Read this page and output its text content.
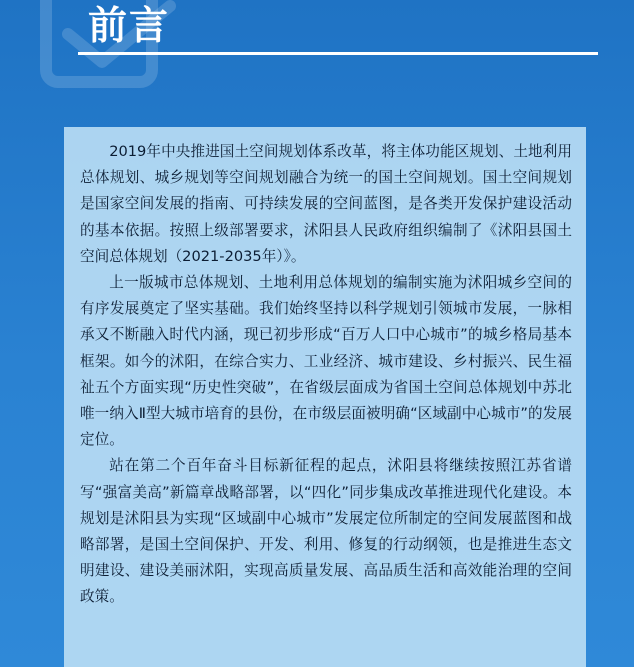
前言

2019年中央推进国土空间规划体系改革，将主体功能区规划、土地利用总体规划、城乡规划等空间规划融合为统一的国土空间规划。国土空间规划是国家空间发展的指南、可持续发展的空间蓝图，是各类开发保护建设活动的基本依据。按照上级部署要求，沭阳县人民政府组织编制了《沭阳县国土空间总体规划（2021-2035年）》。

上一版城市总体规划、土地利用总体规划的编制实施为沭阳城乡空间的有序发展奠定了坚实基础。我们始终坚持以科学规划引领城市发展，一脉相承又不断融入时代内涵，现已初步形成“百万人口中心城市”的城乡格局基本框架。如今的沭阳，在综合实力、工业经济、城市建设、乡村振兴、民生福祉五个方面实现“历史性突破”，在省级层面成为省国土空间总体规划中苏北唯一纳入Ⅱ型大城市培育的县份，在市级层面被明确“区域副中心城市”的发展定位。

站在第二个百年奋斗目标新征程的起点，沭阳县将继续按照江苏省谱写“强富美高”新篇章战略部署，以“四化”同步集成改革推进现代化建设。本规划是沭阳县为实现“区域副中心城市”发展定位所制定的空间发展蓝图和战略部署，是国土空间保护、开发、利用、修复的行动纲领，也是推进生态文明建设、建设美丽沭阳，实现高质量发展、高品质生活和高效能治理的空间政策。
